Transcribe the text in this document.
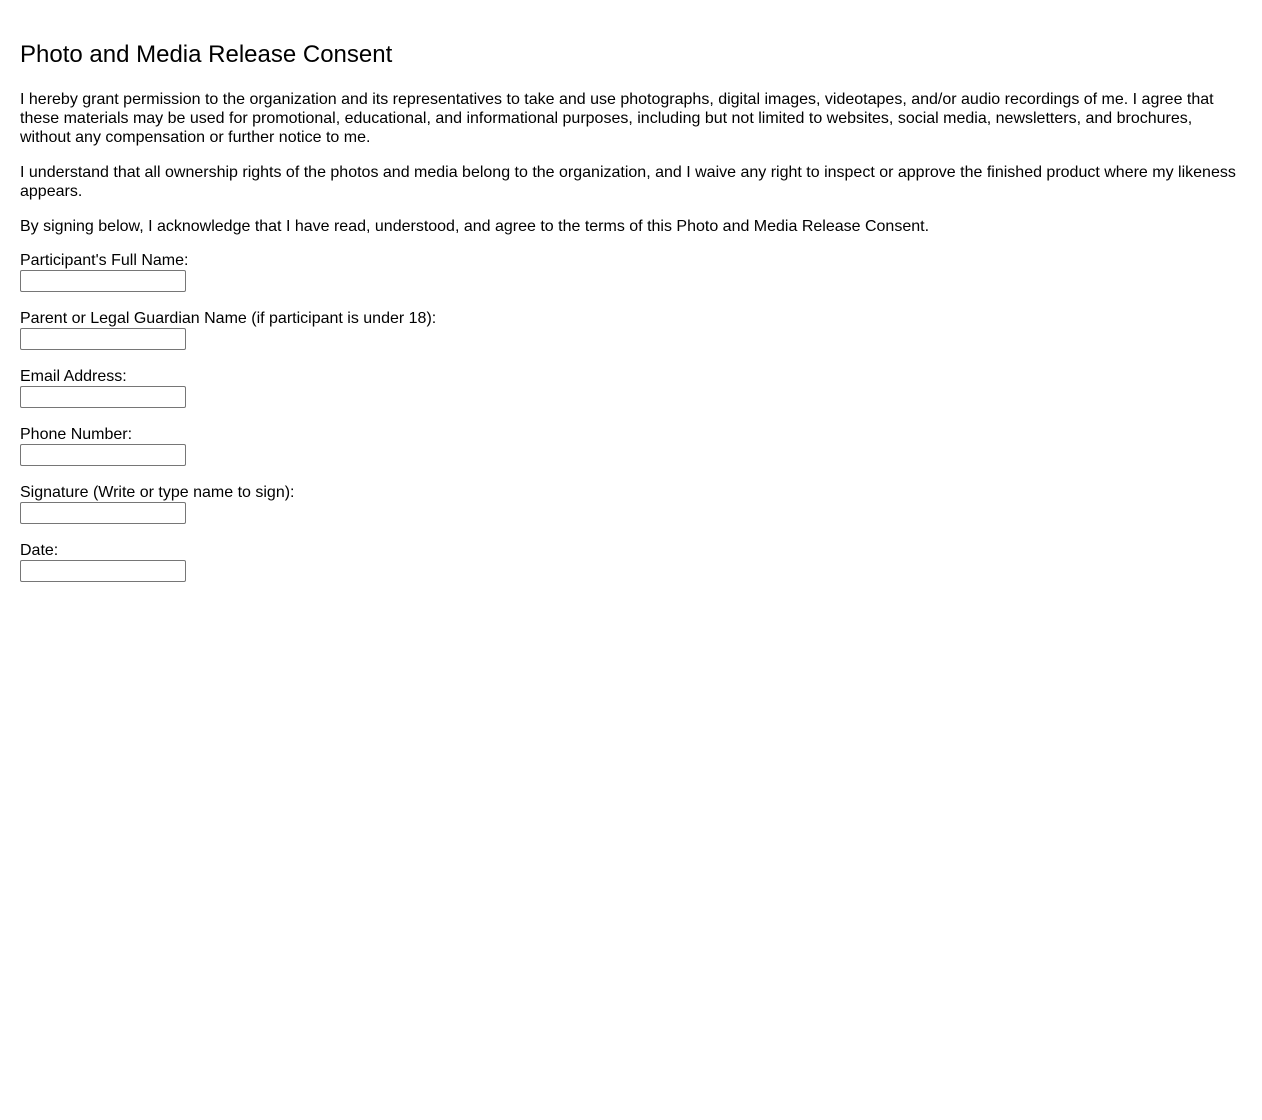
Photo and Media Release Consent

I hereby grant permission to the organization and its representatives to take and use photographs, digital images, videotapes, and/or audio recordings of me. I agree that these materials may be used for promotional, educational, and informational purposes, including but not limited to websites, social media, newsletters, and brochures, without any compensation or further notice to me.

I understand that all ownership rights of the photos and media belong to the organization, and I waive any right to inspect or approve the finished product where my likeness appears.

By signing below, I acknowledge that I have read, understood, and agree to the terms of this Photo and Media Release Consent.

Participant's Full Name:
Parent or Legal Guardian Name (if participant is under 18):
Email Address:
Phone Number:
Signature (Write or type name to sign):
Date:
